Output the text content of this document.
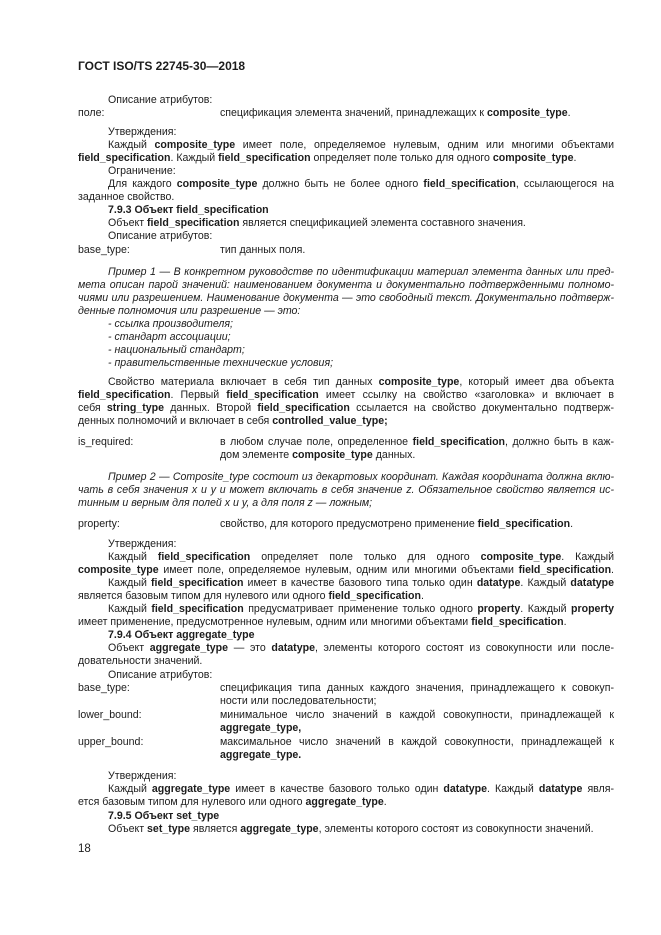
ГОСТ ISO/TS 22745-30—2018
Описание атрибутов:
поле:	спецификация элемента значений, принадлежащих к composite_type.
Утверждения:
Каждый composite_type имеет поле, определяемое нулевым, одним или многими объектами
field_specification. Каждый field_specification определяет поле только для одного composite_type.
Ограничение:
Для каждого composite_type должно быть не более одного field_specification, ссылающегося на
заданное свойство.
7.9.3 Объект field_specification
Объект field_specification является спецификацией элемента составного значения.
Описание атрибутов:
base_type:	тип данных поля.
Пример 1 — В конкретном руководстве по идентификации материал элемента данных или пред-
мета описан парой значений: наименованием документа и документально подтвержденными полномо-
чиями или разрешением. Наименование документа — это свободный текст. Документально подтверж-
денные полномочия или разрешение — это:
- ссылка производителя;
- стандарт ассоциации;
- национальный стандарт;
- правительственные технические условия;
Свойство материала включает в себя тип данных composite_type, который имеет два объекта
field_specification. Первый field_specification имеет ссылку на свойство «заголовка» и включает в
себя string_type данных. Второй field_specification ссылается на свойство документально подтверж-
денных полномочий и включает в себя controlled_value_type;
is_required:	в любом случае поле, определенное field_specification, должно быть в каж-
дом элементе composite_type данных.
Пример 2 — Composite_type состоит из декартовых координат. Каждая координата должна вклю-
чать в себя значения x и y и может включать в себя значение z. Обязательное свойство является ис-
тинным и верным для полей x и y, а для поля z — ложным;
property:	свойство, для которого предусмотрено применение field_specification.
Утверждения:
Каждый field_specification определяет поле только для одного composite_type. Каждый
composite_type имеет поле, определяемое нулевым, одним или многими объектами field_specification.
Каждый field_specification имеет в качестве базового типа только один datatype. Каждый datatype
является базовым типом для нулевого или одного field_specification.
Каждый field_specification предусматривает применение только одного property. Каждый property
имеет применение, предусмотренное нулевым, одним или многими объектами field_specification.
7.9.4 Объект aggregate_type
Объект aggregate_type — это datatype, элементы которого состоят из совокупности или после-
довательности значений.
Описание атрибутов:
base_type:	спецификация типа данных каждого значения, принадлежащего к совокуп-
ности или последовательности;
lower_bound:	минимальное число значений в каждой совокупности, принадлежащей к
aggregate_type,
upper_bound:	максимальное число значений в каждой совокупности, принадлежащей к
aggregate_type.
Утверждения:
Каждый aggregate_type имеет в качестве базового только один datatype. Каждый datatype явля-
ется базовым типом для нулевого или одного aggregate_type.
7.9.5 Объект set_type
Объект set_type является aggregate_type, элементы которого состоят из совокупности значений.
18
